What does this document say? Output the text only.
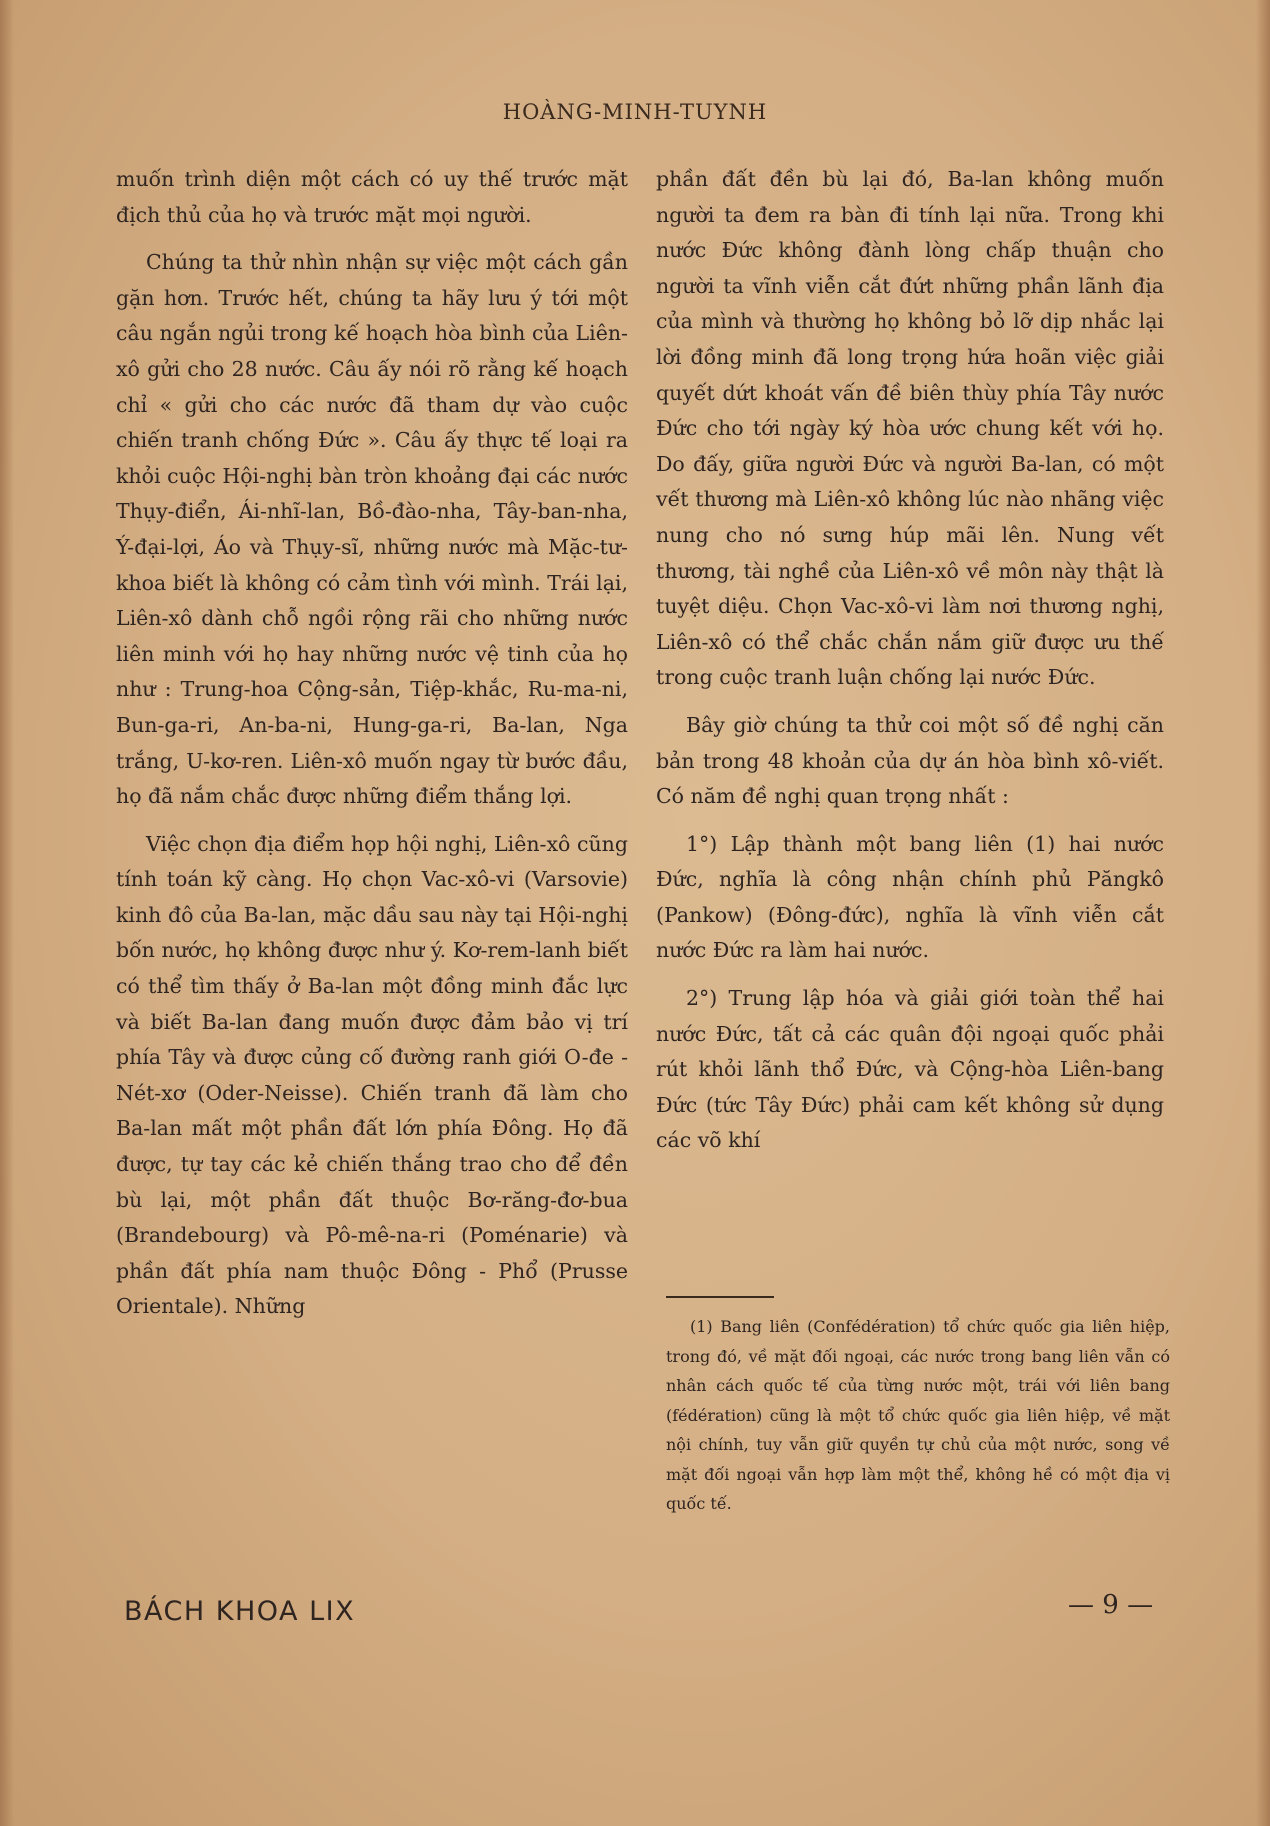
HOÀNG-MINH-TUYNH

muốn trình diện một cách có uy thế trước mặt địch thủ của họ và trước mặt mọi người.

Chúng ta thử nhìn nhận sự việc một cách gần gặn hơn. Trước hết, chúng ta hãy lưu ý tới một câu ngắn ngủi trong kế hoạch hòa bình của Liên-xô gửi cho 28 nước. Câu ấy nói rõ rằng kế hoạch chỉ « gửi cho các nước đã tham dự vào cuộc chiến tranh chống Đức ». Câu ấy thực tế loại ra khỏi cuộc Hội-nghị bàn tròn khoảng đại các nước Thụy-điển, Ái-nhĩ-lan, Bồ-đào-nha, Tây-ban-nha, Ý-đại-lợi, Áo và Thụy-sĩ, những nước mà Mặc-tư-khoa biết là không có cảm tình với mình. Trái lại, Liên-xô dành chỗ ngồi rộng rãi cho những nước liên minh với họ hay những nước vệ tinh của họ như : Trung-hoa Cộng-sản, Tiệp-khắc, Ru-ma-ni, Bun-ga-ri, An-ba-ni, Hung-ga-ri, Ba-lan, Nga trắng, U-kơ-ren. Liên-xô muốn ngay từ bước đầu, họ đã nắm chắc được những điểm thắng lợi.

Việc chọn địa điểm họp hội nghị, Liên-xô cũng tính toán kỹ càng. Họ chọn Vac-xô-vi (Varsovie) kinh đô của Ba-lan, mặc dầu sau này tại Hội-nghị bốn nước, họ không được như ý. Kơ-rem-lanh biết có thể tìm thấy ở Ba-lan một đồng minh đắc lực và biết Ba-lan đang muốn được đảm bảo vị trí phía Tây và được củng cố đường ranh giới O-đe - Nét-xơ (Oder-Neisse). Chiến tranh đã làm cho Ba-lan mất một phần đất lớn phía Đông. Họ đã được, tự tay các kẻ chiến thắng trao cho để đền bù lại, một phần đất thuộc Bơ-răng-đơ-bua (Brandebourg) và Pô-mê-na-ri (Poménarie) và phần đất phía nam thuộc Đông - Phổ (Prusse Orientale). Những

phần đất đền bù lại đó, Ba-lan không muốn người ta đem ra bàn đi tính lại nữa. Trong khi nước Đức không đành lòng chấp thuận cho người ta vĩnh viễn cắt đứt những phần lãnh địa của mình và thường họ không bỏ lỡ dịp nhắc lại lời đồng minh đã long trọng hứa hoãn việc giải quyết dứt khoát vấn đề biên thùy phía Tây nước Đức cho tới ngày ký hòa ước chung kết với họ. Do đấy, giữa người Đức và người Ba-lan, có một vết thương mà Liên-xô không lúc nào nhãng việc nung cho nó sưng húp mãi lên. Nung vết thương, tài nghề của Liên-xô về môn này thật là tuyệt diệu. Chọn Vac-xô-vi làm nơi thương nghị, Liên-xô có thể chắc chắn nắm giữ được ưu thế trong cuộc tranh luận chống lại nước Đức.

Bây giờ chúng ta thử coi một số đề nghị căn bản trong 48 khoản của dự án hòa bình xô-viết. Có năm đề nghị quan trọng nhất :

1°) Lập thành một bang liên (1) hai nước Đức, nghĩa là công nhận chính phủ Păngkô (Pankow) (Đông-đức), nghĩa là vĩnh viễn cắt nước Đức ra làm hai nước.

2°) Trung lập hóa và giải giới toàn thể hai nước Đức, tất cả các quân đội ngoại quốc phải rút khỏi lãnh thổ Đức, và Cộng-hòa Liên-bang Đức (tức Tây Đức) phải cam kết không sử dụng các võ khí

(1) Bang liên (Confédération) tổ chức quốc gia liên hiệp, trong đó, về mặt đối ngoại, các nước trong bang liên vẫn có nhân cách quốc tế của từng nước một, trái với liên bang (fédération) cũng là một tổ chức quốc gia liên hiệp, về mặt nội chính, tuy vẫn giữ quyền tự chủ của một nước, song về mặt đối ngoại vẫn hợp làm một thể, không hề có một địa vị quốc tế.
BÁCH KHOA LIX	— 9 —
